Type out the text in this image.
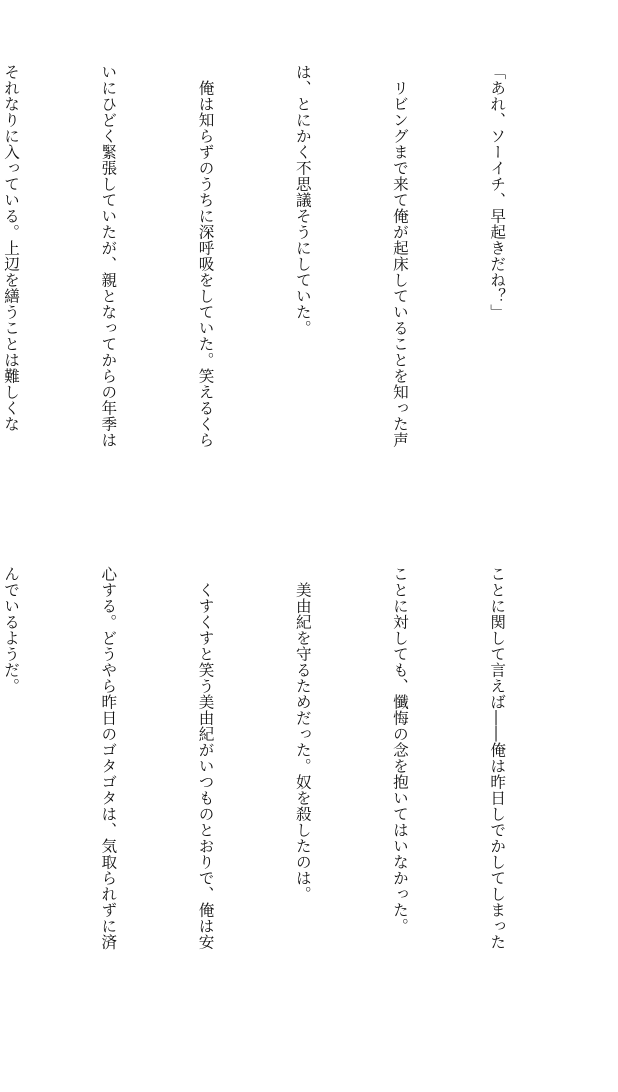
「あれ、ソーイチ、早起きだね？」

　リビングまで来て俺が起床していることを知った声

は、とにかく不思議そうにしていた。

　俺は知らずのうちに深呼吸をしていた。笑えるくら

いにひどく緊張していたが、親となってからの年季は

それなりに入っている。上辺を繕うことは難しくな

ことに関して言えば――俺は昨日しでかしてしまった

ことに対しても、懺悔の念を抱いてはいなかった。

　美由紀を守るためだった。奴を殺したのは。

　くすくすと笑う美由紀がいつものとおりで、俺は安

心する。どうやら昨日のゴタゴタは、気取られずに済

んでいるようだ。
